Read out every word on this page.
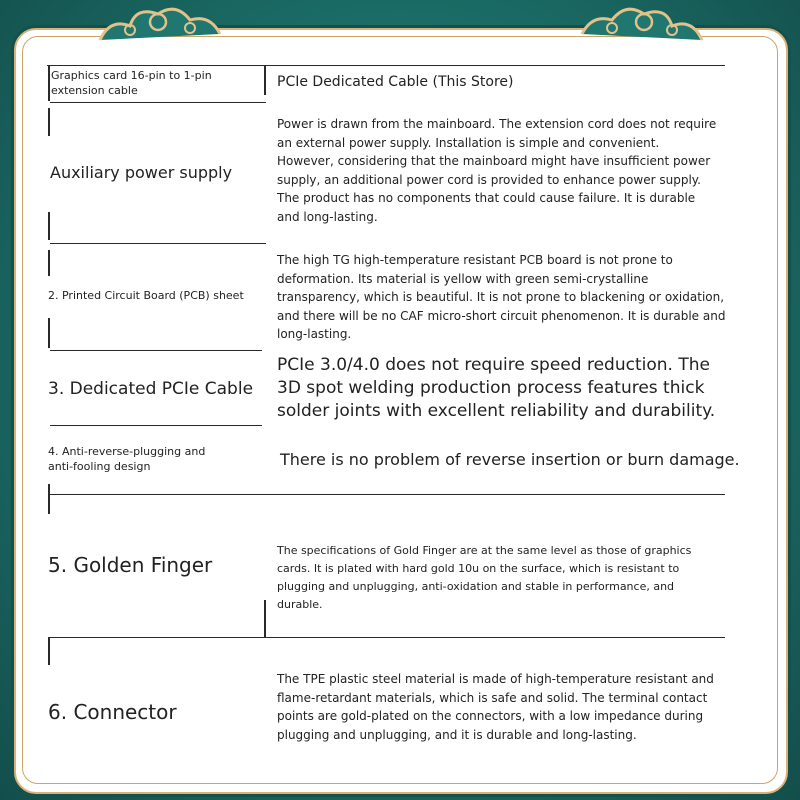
Graphics card 16-pin to 1-pin extension cable
PCIe Dedicated Cable (This Store)
Auxiliary power supply
Power is drawn from the mainboard. The extension cord does not require an external power supply. Installation is simple and convenient. However, considering that the mainboard might have insufficient power supply, an additional power cord is provided to enhance power supply. The product has no components that could cause failure. It is durable and long-lasting.
2. Printed Circuit Board (PCB) sheet
The high TG high-temperature resistant PCB board is not prone to deformation. Its material is yellow with green semi-crystalline transparency, which is beautiful. It is not prone to blackening or oxidation, and there will be no CAF micro-short circuit phenomenon. It is durable and long-lasting.
3. Dedicated PCIe Cable
PCIe 3.0/4.0 does not require speed reduction. The 3D spot welding production process features thick solder joints with excellent reliability and durability.
4. Anti-reverse-plugging and anti-fooling design	There is no problem of reverse insertion or burn damage.
5. Golden Finger
The specifications of Gold Finger are at the same level as those of graphics cards. It is plated with hard gold 10u on the surface, which is resistant to plugging and unplugging, anti-oxidation and stable in performance, and durable.
6. Connector
The TPE plastic steel material is made of high-temperature resistant and flame-retardant materials, which is safe and solid. The terminal contact points are gold-plated on the connectors, with a low impedance during plugging and unplugging, and it is durable and long-lasting.
